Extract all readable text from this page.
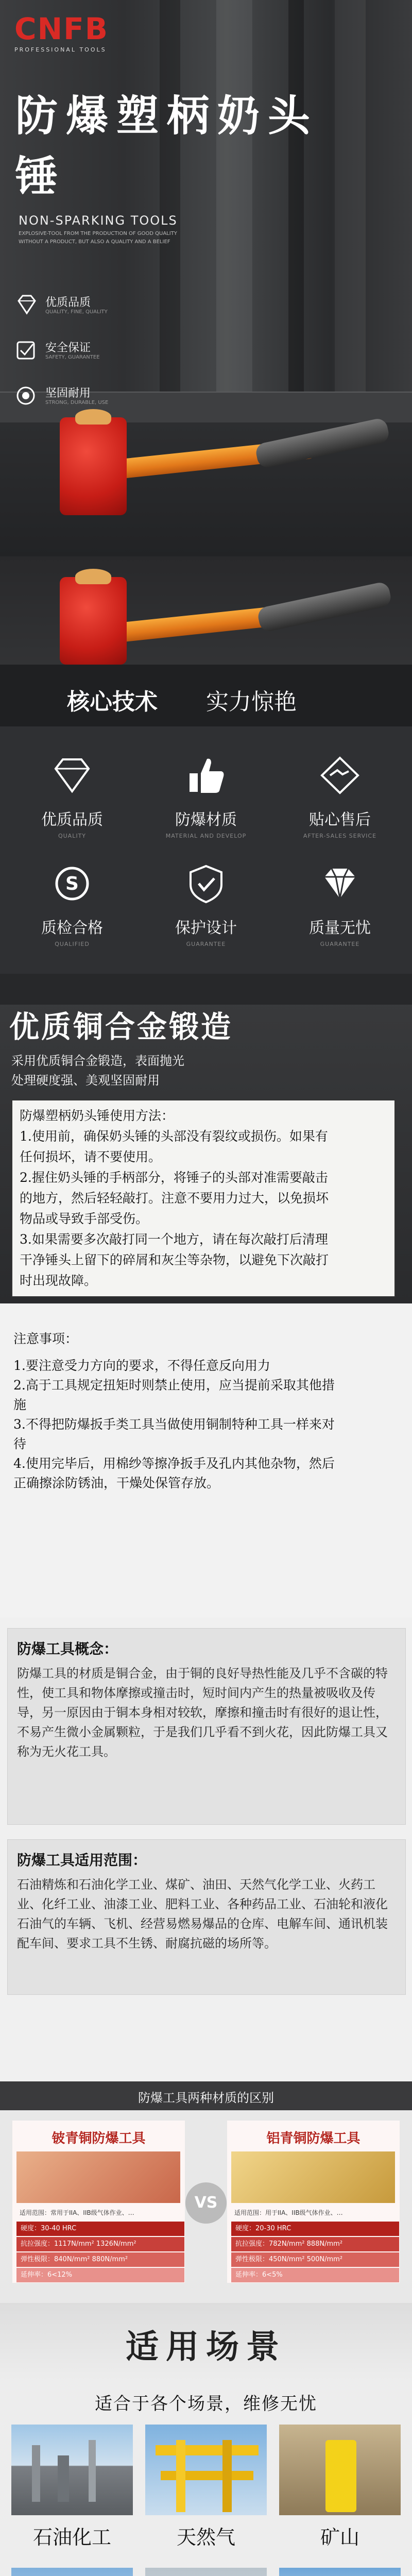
CNFB
PROFESSIONAL TOOLS
防爆塑柄奶头
锤
NON-SPARKING TOOLS
EXPLOSIVE-TOOL FROM THE PRODUCTION OF GOOD QUALITY
WITHOUT A PRODUCT, BUT ALSO A QUALITY AND A BELIEF
优质品质
QUALITY, FINE, QUALITY
安全保证
SAFETY, GUARANTEE
坚固耐用
STRONG, DURABLE, USE
核心技术 实力惊艳
优质品质
QUALITY
防爆材质
MATERIAL AND DEVELOP
贴心售后
AFTER-SALES SERVICE
S
质检合格
QUALIFIED
保护设计
GUARANTEE
质量无忧
GUARANTEE
优质铜合金锻造
采用优质铜合金锻造，表面抛光
处理硬度强、美观坚固耐用
防爆塑柄奶头锤使用方法：
1.使用前，确保奶头锤的头部没有裂纹或损伤。如果有
任何损坏，请不要使用。
2.握住奶头锤的手柄部分，将锤子的头部对准需要敲击
的地方，然后轻轻敲打。注意不要用力过大，以免损坏
物品或导致手部受伤。
3.如果需要多次敲打同一个地方，请在每次敲打后清理
干净锤头上留下的碎屑和灰尘等杂物，以避免下次敲打
时出现故障。
注意事项：
1.要注意受力方向的要求，不得任意反向用力
2.高于工具规定扭矩时则禁止使用，应当提前采取其他措
施
3.不得把防爆扳手类工具当做使用铜制特种工具一样来对
待
4.使用完毕后，用棉纱等擦净扳手及孔内其他杂物，然后
正确擦涂防锈油，干燥处保管存放。
防爆工具概念：
防爆工具的材质是铜合金，由于铜的良好导热性能及几乎不含碳的特性，使工具和物体摩擦或撞击时，短时间内产生的热量被吸收及传导，另一原因由于铜本身相对较软，摩擦和撞击时有很好的退让性，不易产生微小金属颗粒，于是我们几乎看不到火花，因此防爆工具又称为无火花工具。
防爆工具适用范围：
石油精炼和石油化学工业、煤矿、油田、天然气化学工业、火药工业、化纤工业、油漆工业、肥料工业、各种药品工业、石油轮和液化石油气的车辆、飞机、经营易燃易爆品的仓库、电解车间、通讯机装配车间、要求工具不生锈、耐腐抗磁的场所等。
防爆工具两种材质的区别
铍青铜防爆工具
适用范围：常用于IIA、IIB级气体作业、…
硬度：30-40 HRC
抗拉强度：1117N/mm² 1326N/mm²
弹性极限：840N/mm² 880N/mm²
延伸率：6<12%
VS
铝青铜防爆工具
适用范围：用于IIA、IIB级气体作业、…
硬度：20-30 HRC
抗拉强度：782N/mm² 888N/mm²
弹性极限：450N/mm² 500N/mm²
延伸率：6<5%
适用场景
适合于各个场景，维修无忧
石油化工	天然气	矿山
